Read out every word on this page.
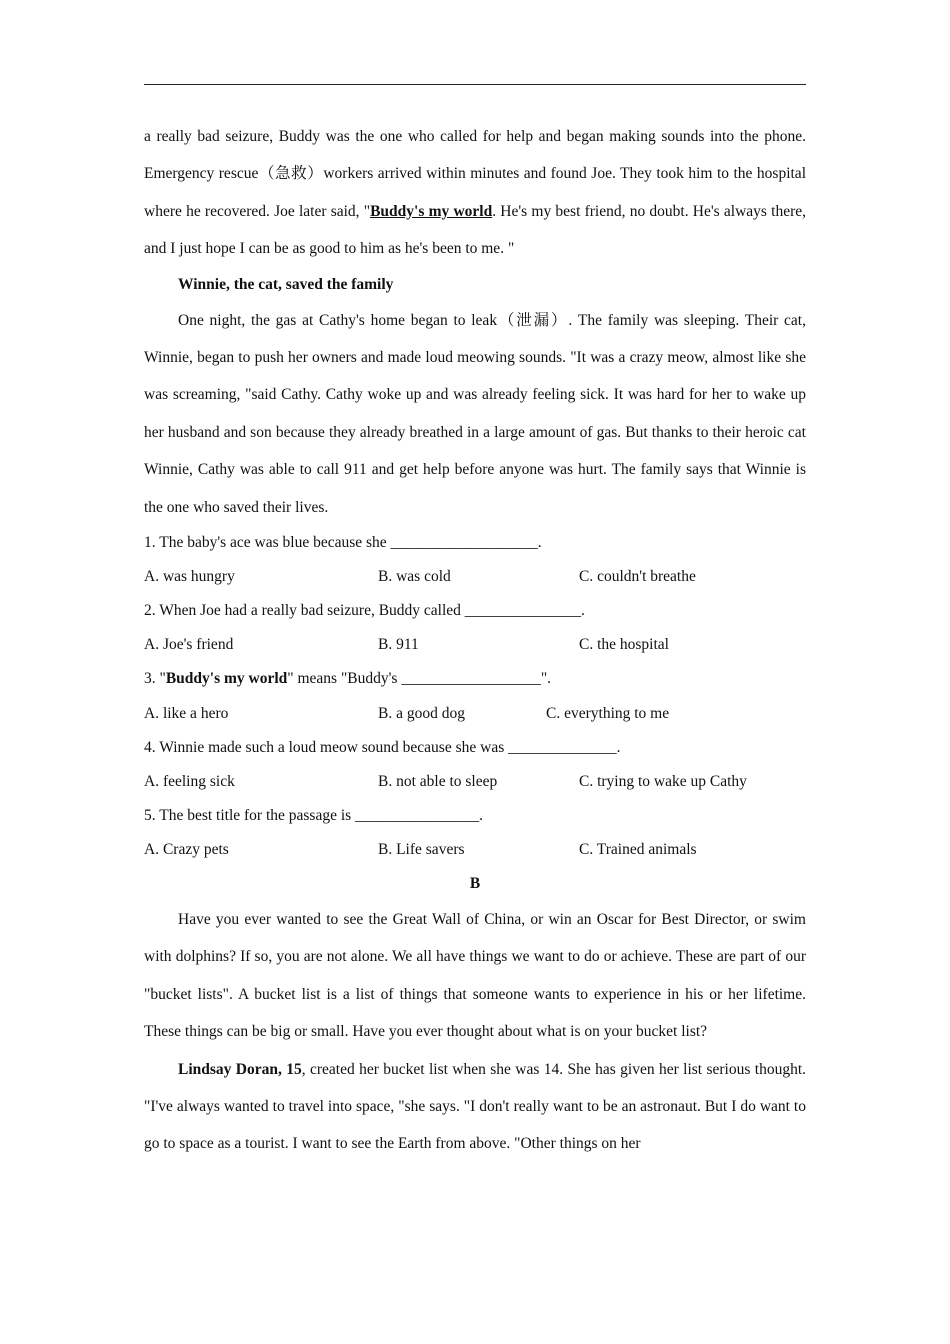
a really bad seizure, Buddy was the one who called for help and began making sounds into the phone. Emergency rescue（急救）workers arrived within minutes and found Joe. They took him to the hospital where he recovered. Joe later said, "Buddy's my world. He's my best friend, no doubt. He's always there, and I just hope I can be as good to him as he's been to me. "

Winnie, the cat, saved the family

One night, the gas at Cathy's home began to leak（泄漏）. The family was sleeping. Their cat, Winnie, began to push her owners and made loud meowing sounds. "It was a crazy meow, almost like she was screaming, "said Cathy. Cathy woke up and was already feeling sick. It was hard for her to wake up her husband and son because they already breathed in a large amount of gas. But thanks to their heroic cat Winnie, Cathy was able to call 911 and get help before anyone was hurt. The family says that Winnie is the one who saved their lives.

1. The baby's ace was blue because she ___________________.

A. was hungry	B. was cold	C. couldn't breathe

2. When Joe had a really bad seizure, Buddy called _______________.

A. Joe's friend	B. 911	C. the hospital

3. "Buddy's my world" means "Buddy's __________________".

A. like a hero	B. a good dog	C. everything to me

4. Winnie made such a loud meow sound because she was ______________.

A. feeling sick	B. not able to sleep	C. trying to wake up Cathy

5. The best title for the passage is ________________.

A. Crazy pets	B. Life savers	C. Trained animals

B

Have you ever wanted to see the Great Wall of China, or win an Oscar for Best Director, or swim with dolphins? If so, you are not alone. We all have things we want to do or achieve. These are part of our "bucket lists". A bucket list is a list of things that someone wants to experience in his or her lifetime. These things can be big or small. Have you ever thought about what is on your bucket list?

Lindsay Doran, 15, created her bucket list when she was 14. She has given her list serious thought. "I've always wanted to travel into space, "she says. "I don't really want to be an astronaut. But I do want to go to space as a tourist. I want to see the Earth from above. "Other things on her
